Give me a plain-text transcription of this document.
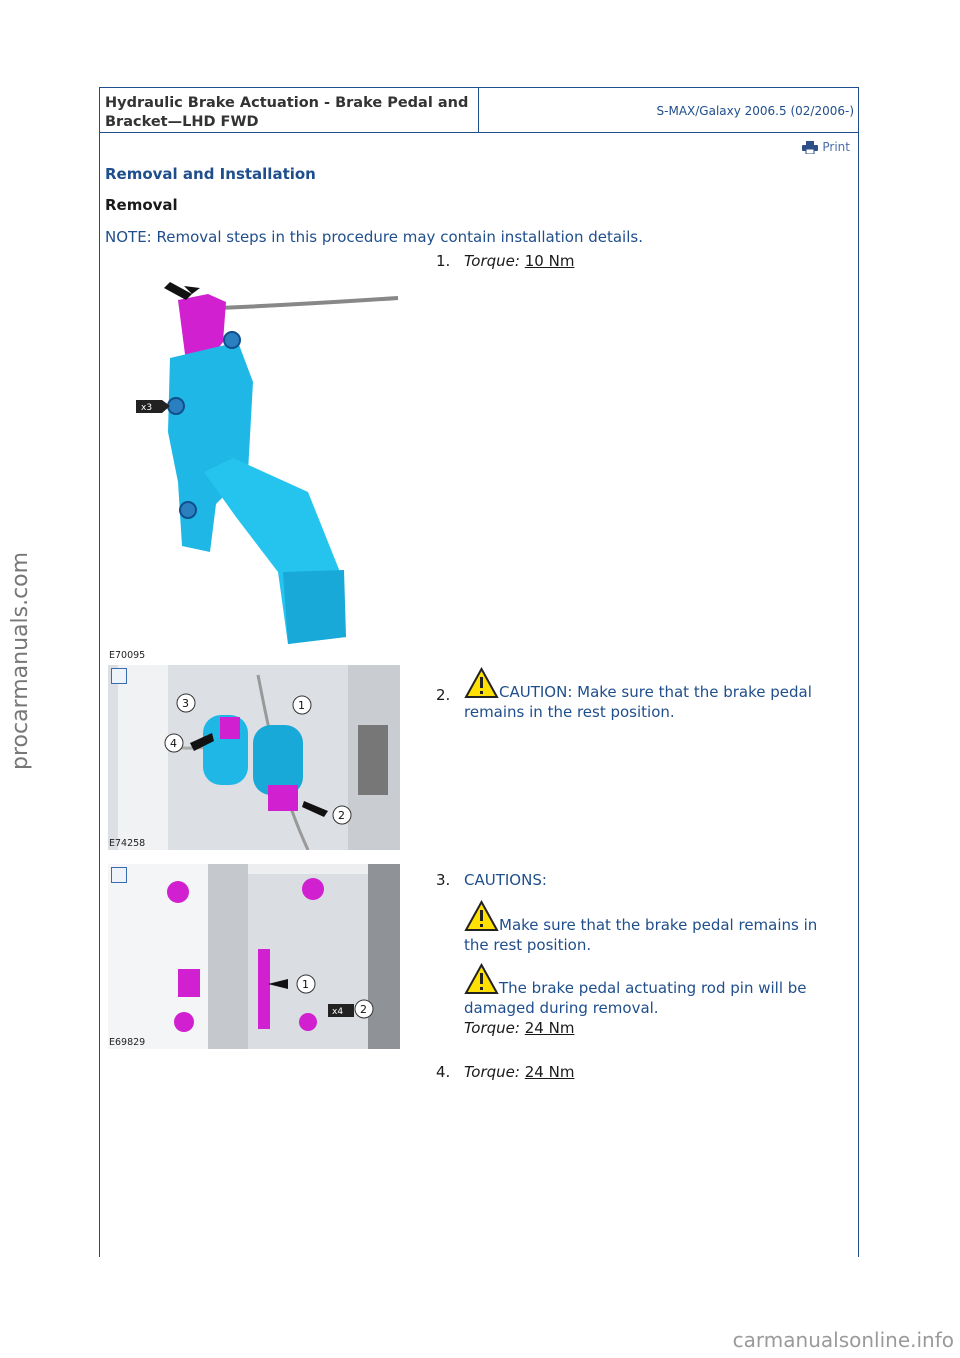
procarmanuals.com
Hydraulic Brake Actuation - Brake Pedal and Bracket—LHD FWD
S-MAX/Galaxy 2006.5 (02/2006-)
Print
Removal and Installation
Removal
NOTE: Removal steps in this procedure may contain installation details.
x3
E70095
3
4
1
2
E74258
x4
1
2
E69829
1. Torque: 10 Nm
2.	CAUTION: Make sure that the brake pedal remains in the rest position.
3. CAUTIONS:
Make sure that the brake pedal remains in the rest position.
The brake pedal actuating rod pin will be damaged during removal.
Torque: 24 Nm
4. Torque: 24 Nm
carmanualsonline.info
